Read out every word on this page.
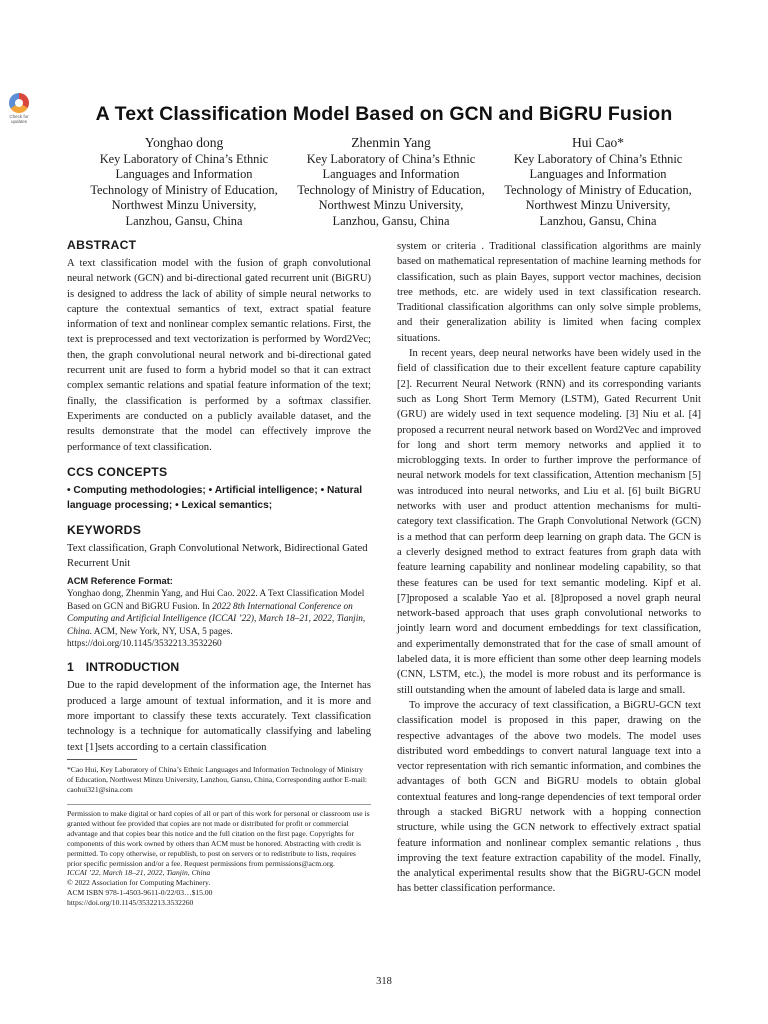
Check for
updates	A Text Classification Model Based on GCN and BiGRU Fusion
Yonghao dong
Key Laboratory of China’s Ethnic
Languages and Information
Technology of Ministry of Education,
Northwest Minzu University,
Lanzhou, Gansu, China
Zhenmin Yang
Key Laboratory of China’s Ethnic
Languages and Information
Technology of Ministry of Education,
Northwest Minzu University,
Lanzhou, Gansu, China
Hui Cao*
Key Laboratory of China’s Ethnic
Languages and Information
Technology of Ministry of Education,
Northwest Minzu University,
Lanzhou, Gansu, China
ABSTRACT

A text classification model with the fusion of graph convolutional neural network (GCN) and bi-directional gated recurrent unit (BiGRU) is designed to address the lack of ability of simple neural networks to capture the contextual semantics of text, extract spatial feature information of text and nonlinear complex semantic relations. First, the text is preprocessed and text vectorization is performed by Word2Vec; then, the graph convolutional neural network and bi-directional gated recurrent unit are fused to form a hybrid model so that it can extract complex semantic relations and spatial feature information of the text; finally, the classification is performed by a softmax classifier. Experiments are conducted on a publicly available dataset, and the results demonstrate that the model can effectively improve the performance of text classification.

CCS CONCEPTS
• Computing methodologies; • Artificial intelligence; • Natural language processing; • Lexical semantics;
KEYWORDS

Text classification, Graph Convolutional Network, Bidirectional Gated Recurrent Unit

ACM Reference Format:
Yonghao dong, Zhenmin Yang, and Hui Cao. 2022. A Text Classification Model Based on GCN and BiGRU Fusion. In 2022 8th International Conference on Computing and Artificial Intelligence (ICCAI ’22), March 18–21, 2022, Tianjin, China. ACM, New York, NY, USA, 5 pages. https://doi.org/10.1145/3532213.3532260
1 INTRODUCTION

Due to the rapid development of the information age, the Internet has produced a large amount of textual information, and it is more and more important to classify these texts accurately. Text classification technology is a technique for automatically classifying and labeling text [1]sets according to a certain classification

*Cao Hui, Key Laboratory of China’s Ethnic Languages and Information Technology of Ministry of Education, Northwest Minzu University, Lanzhou, Gansu, China, Corresponding author E-mail: caohui321@sina.com
Permission to make digital or hard copies of all or part of this work for personal or classroom use is granted without fee provided that copies are not made or distributed for profit or commercial advantage and that copies bear this notice and the full citation on the first page. Copyrights for components of this work owned by others than ACM must be honored. Abstracting with credit is permitted. To copy otherwise, or republish, to post on servers or to redistribute to lists, requires prior specific permission and/or a fee. Request permissions from permissions@acm.org.
ICCAI ’22, March 18–21, 2022, Tianjin, China
© 2022 Association for Computing Machinery.
ACM ISBN 978-1-4503-9611-0/22/03…$15.00
https://doi.org/10.1145/3532213.3532260

system or criteria . Traditional classification algorithms are mainly based on mathematical representation of machine learning methods for classification, such as plain Bayes, support vector machines, decision tree methods, etc. are widely used in text classification research. Traditional classification algorithms can only solve simple problems, and their generalization ability is limited when facing complex situations.

In recent years, deep neural networks have been widely used in the field of classification due to their excellent feature capture capability [2]. Recurrent Neural Network (RNN) and its corresponding variants such as Long Short Term Memory (LSTM), Gated Recurrent Unit (GRU) are widely used in text sequence modeling. [3] Niu et al. [4] proposed a recurrent neural network based on Word2Vec and improved for long and short term memory networks and applied it to microblogging texts. In order to further improve the performance of neural network models for text classification, Attention mechanism [5] was introduced into neural networks, and Liu et al. [6] built BiGRU networks with user and product attention mechanisms for multi-category text classification. The Graph Convolutional Network (GCN) is a method that can perform deep learning on graph data. The GCN is a cleverly designed method to extract features from graph data with feature learning capability and nonlinear modeling capability, so that these features can be used for text semantic modeling. Kipf et al. [7]proposed a scalable Yao et al. [8]proposed a novel graph neural network-based approach that uses graph convolutional networks to jointly learn word and document embeddings for text classification, and experimentally demonstrated that for the case of small amount of labeled data, it is more efficient than some other deep learning models (CNN, LSTM, etc.), the model is more robust and its performance is still outstanding when the amount of labeled data is large and small.

To improve the accuracy of text classification, a BiGRU-GCN text classification model is proposed in this paper, drawing on the respective advantages of the above two models. The model uses distributed word embeddings to convert natural language text into a vector representation with rich semantic information, and combines the advantages of both GCN and BiGRU models to obtain global contextual features and long-range dependencies of text temporal order through a stacked BiGRU network with a hopping connection structure, while using the GCN network to effectively extract spatial feature information and nonlinear complex semantic relations , thus improving the text feature extraction capability of the model. Finally, the analytical experimental results show that the BiGRU-GCN model has better classification performance.

318
